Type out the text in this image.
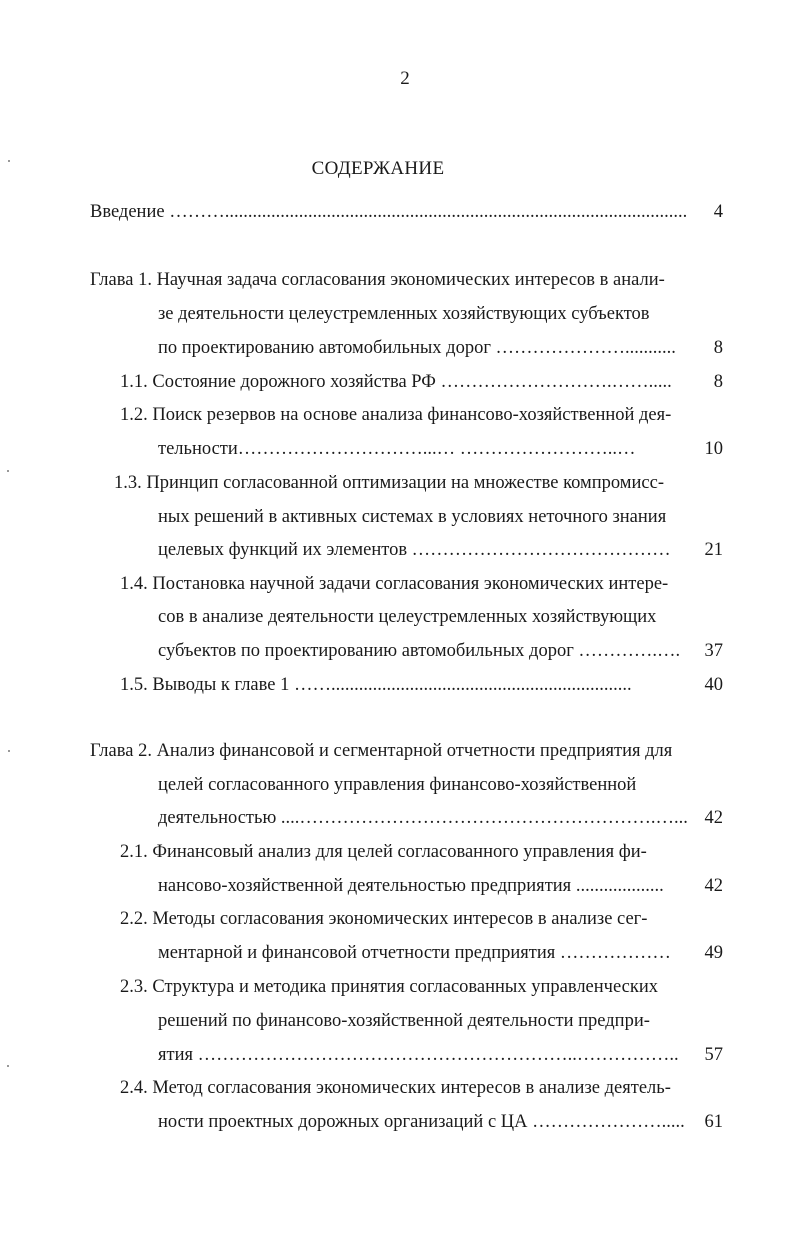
2
СОДЕРЖАНИЕ
Введение ……….................................................................................................... 4
Глава 1. Научная задача согласования экономических интересов в анали-
зе деятельности целеустремленных хозяйствующих субъектов
по проектированию автомобильных дорог …………………........... 8
1.1. Состояние дорожного хозяйства РФ ……………………….……..... 8
1.2. Поиск резервов на основе анализа финансово-хозяйственной дея-
тельности…………………………...… ……………………..…	10
1.3. Принцип согласованной оптимизации на множестве компромисс-
ных решений в активных системах в условиях неточного знания
целевых функций их элементов …………………………………… 21
1.4. Постановка научной задачи согласования экономических интере-
сов в анализе деятельности целеустремленных хозяйствующих
субъектов по проектированию автомобильных дорог ………….…. 37
1.5. Выводы к главе 1 …….................................................................	40
Глава 2. Анализ финансовой и сегментарной отчетности предприятия для
целей согласованного управления финансово-хозяйственной
деятельностью ....………………………………………………….…... 42
2.1. Финансовый анализ для целей согласованного управления фи-
нансово-хозяйственной деятельностью предприятия ................... 42
2.2. Методы согласования экономических интересов в анализе сег-
ментарной и финансовой отчетности предприятия ……………… 49
2.3. Структура и методика принятия согласованных управленческих
решений по финансово-хозяйственной деятельности предпри-
ятия ……………………………………………………..…………….. 57
2.4. Метод согласования экономических интересов в анализе деятель-
ности проектных дорожных организаций с ЦА …………………..... 61
